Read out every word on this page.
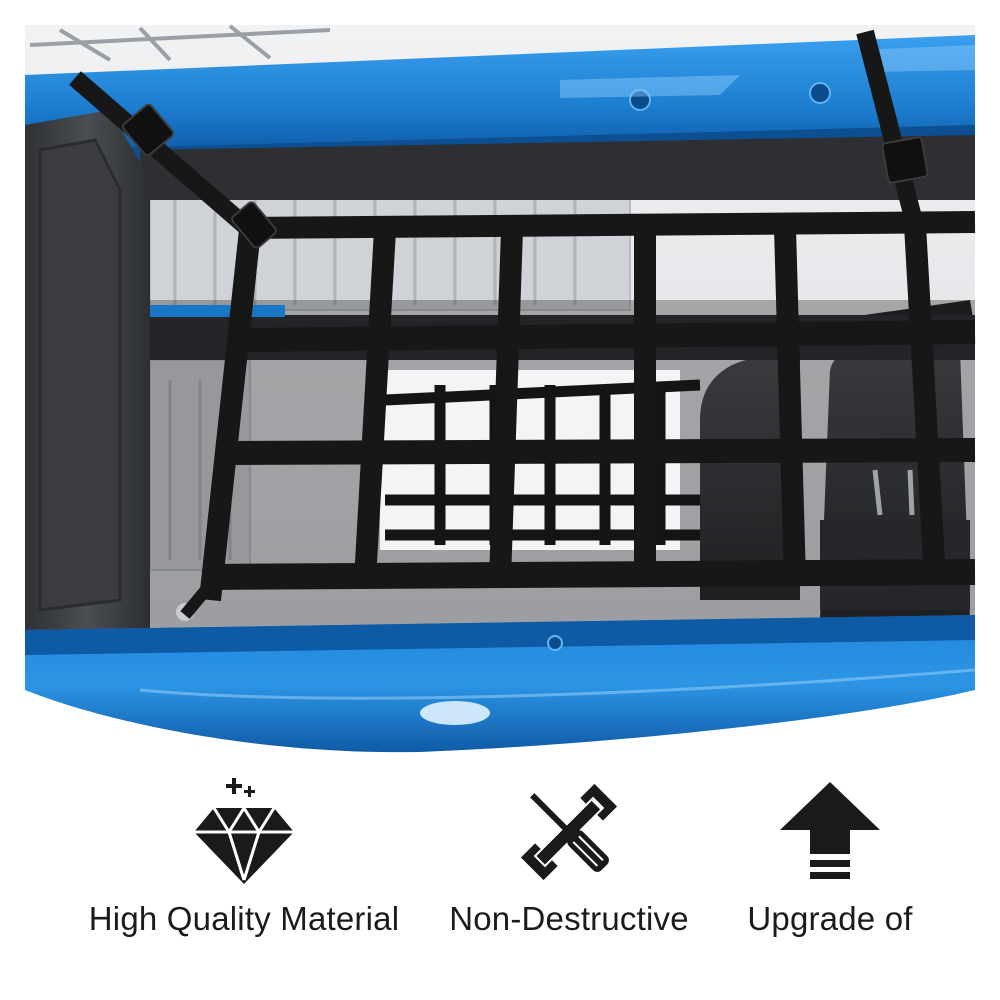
High Quality Material	Non-Destructive	Upgrade of
